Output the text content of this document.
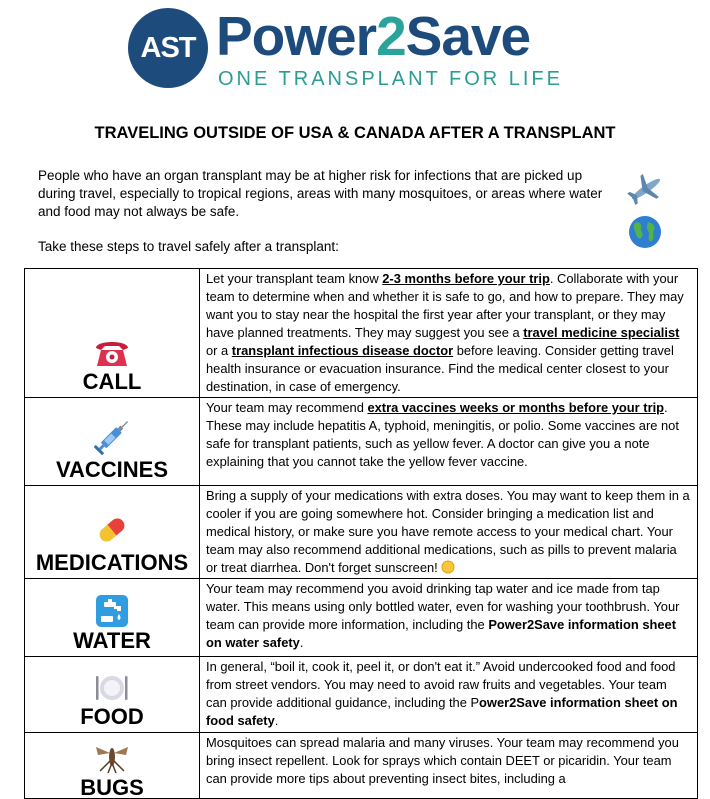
AST Power2Save
ONE TRANSPLANT FOR LIFE
TRAVELING OUTSIDE OF USA & CANADA AFTER A TRANSPLANT
People who have an organ transplant may be at higher risk for infections that are picked up during travel, especially to tropical regions, areas with many mosquitoes, or areas where water and food may not always be safe.
Take these steps to travel safely after a transplant:
CALL	Let your transplant team know 2-3 months before your trip. Collaborate with your team to determine when and whether it is safe to go, and how to prepare. They may want you to stay near the hospital the first year after your transplant, or they may have planned treatments. They may suggest you see a travel medicine specialist or a transplant infectious disease doctor before leaving. Consider getting travel health insurance or evacuation insurance. Find the medical center closest to your destination, in case of emergency.

VACCINES	Your team may recommend extra vaccines weeks or months before your trip. These may include hepatitis A, typhoid, meningitis, or polio. Some vaccines are not safe for transplant patients, such as yellow fever. A doctor can give you a note explaining that you cannot take the yellow fever vaccine.

MEDICATIONS	Bring a supply of your medications with extra doses. You may want to keep them in a cooler if you are going somewhere hot. Consider bringing a medication list and medical history, or make sure you have remote access to your medical chart. Your team may also recommend additional medications, such as pills to prevent malaria or treat diarrhea. Don't forget sunscreen!

WATER	Your team may recommend you avoid drinking tap water and ice made from tap water. This means using only bottled water, even for washing your toothbrush. Your team can provide more information, including the Power2Save information sheet on water safety.

FOOD	In general, “boil it, cook it, peel it, or don't eat it.” Avoid undercooked food and food from street vendors. You may need to avoid raw fruits and vegetables. Your team can provide additional guidance, including the Power2Save information sheet on food safety.

BUGS	Mosquitoes can spread malaria and many viruses. Your team may recommend you bring insect repellent. Look for sprays which contain DEET or picaridin. Your team can provide more tips about preventing insect bites, including a
